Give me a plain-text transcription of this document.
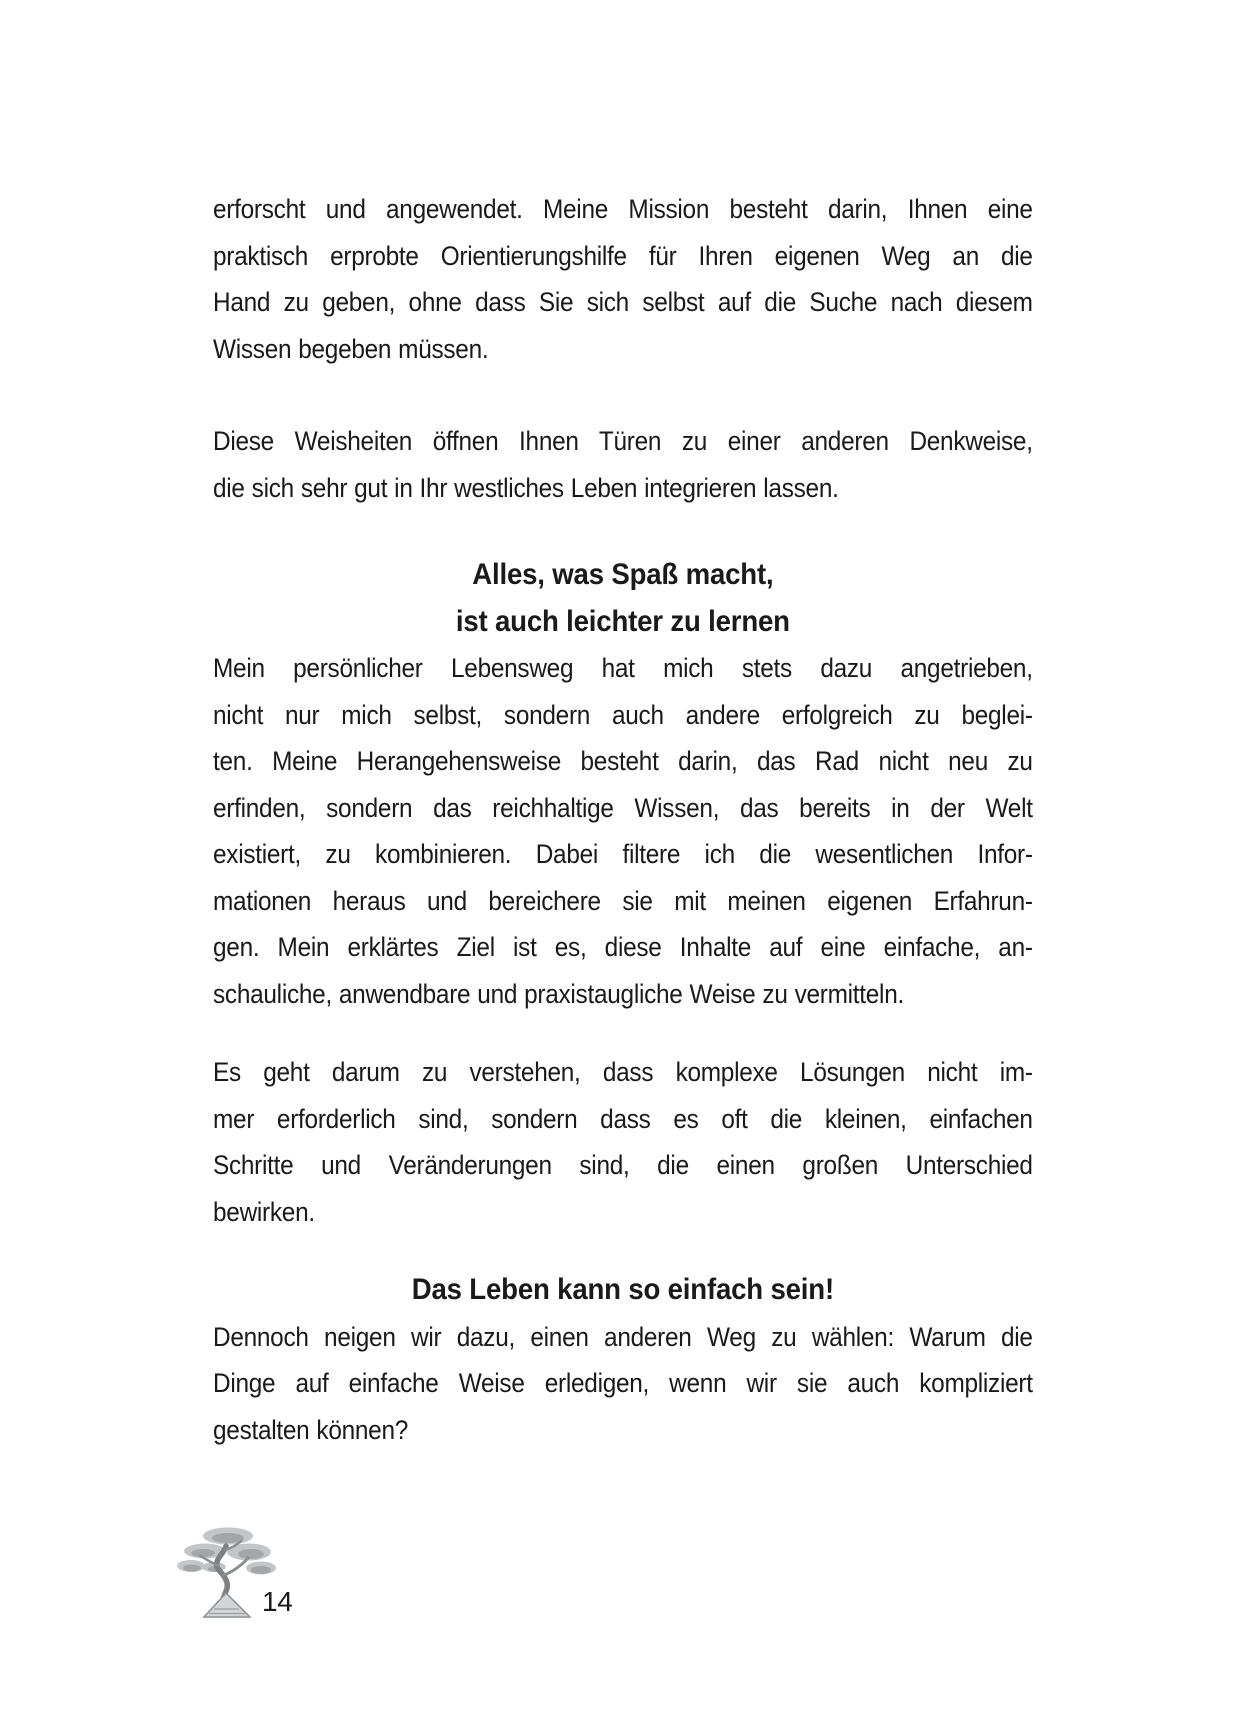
erforscht und angewendet. Meine Mission besteht darin, Ihnen eine
praktisch erprobte Orientierungshilfe für Ihren eigenen Weg an die
Hand zu geben, ohne dass Sie sich selbst auf die Suche nach diesem
Wissen begeben müssen.
Diese Weisheiten öffnen Ihnen Türen zu einer anderen Denkweise,
die sich sehr gut in Ihr westliches Leben integrieren lassen.
Alles, was Spaß macht,
ist auch leichter zu lernen
Mein persönlicher Lebensweg hat mich stets dazu angetrieben,
nicht nur mich selbst, sondern auch andere erfolgreich zu beglei-
ten. Meine Herangehensweise besteht darin, das Rad nicht neu zu
erfinden, sondern das reichhaltige Wissen, das bereits in der Welt
existiert, zu kombinieren. Dabei filtere ich die wesentlichen Infor-
mationen heraus und bereichere sie mit meinen eigenen Erfahrun-
gen. Mein erklärtes Ziel ist es, diese Inhalte auf eine einfache, an-
schauliche, anwendbare und praxistaugliche Weise zu vermitteln.
Es geht darum zu verstehen, dass komplexe Lösungen nicht im-
mer erforderlich sind, sondern dass es oft die kleinen, einfachen
Schritte und Veränderungen sind, die einen großen Unterschied
bewirken.
Das Leben kann so einfach sein!
Dennoch neigen wir dazu, einen anderen Weg zu wählen: Warum die
Dinge auf einfache Weise erledigen, wenn wir sie auch kompliziert
gestalten können?
14
